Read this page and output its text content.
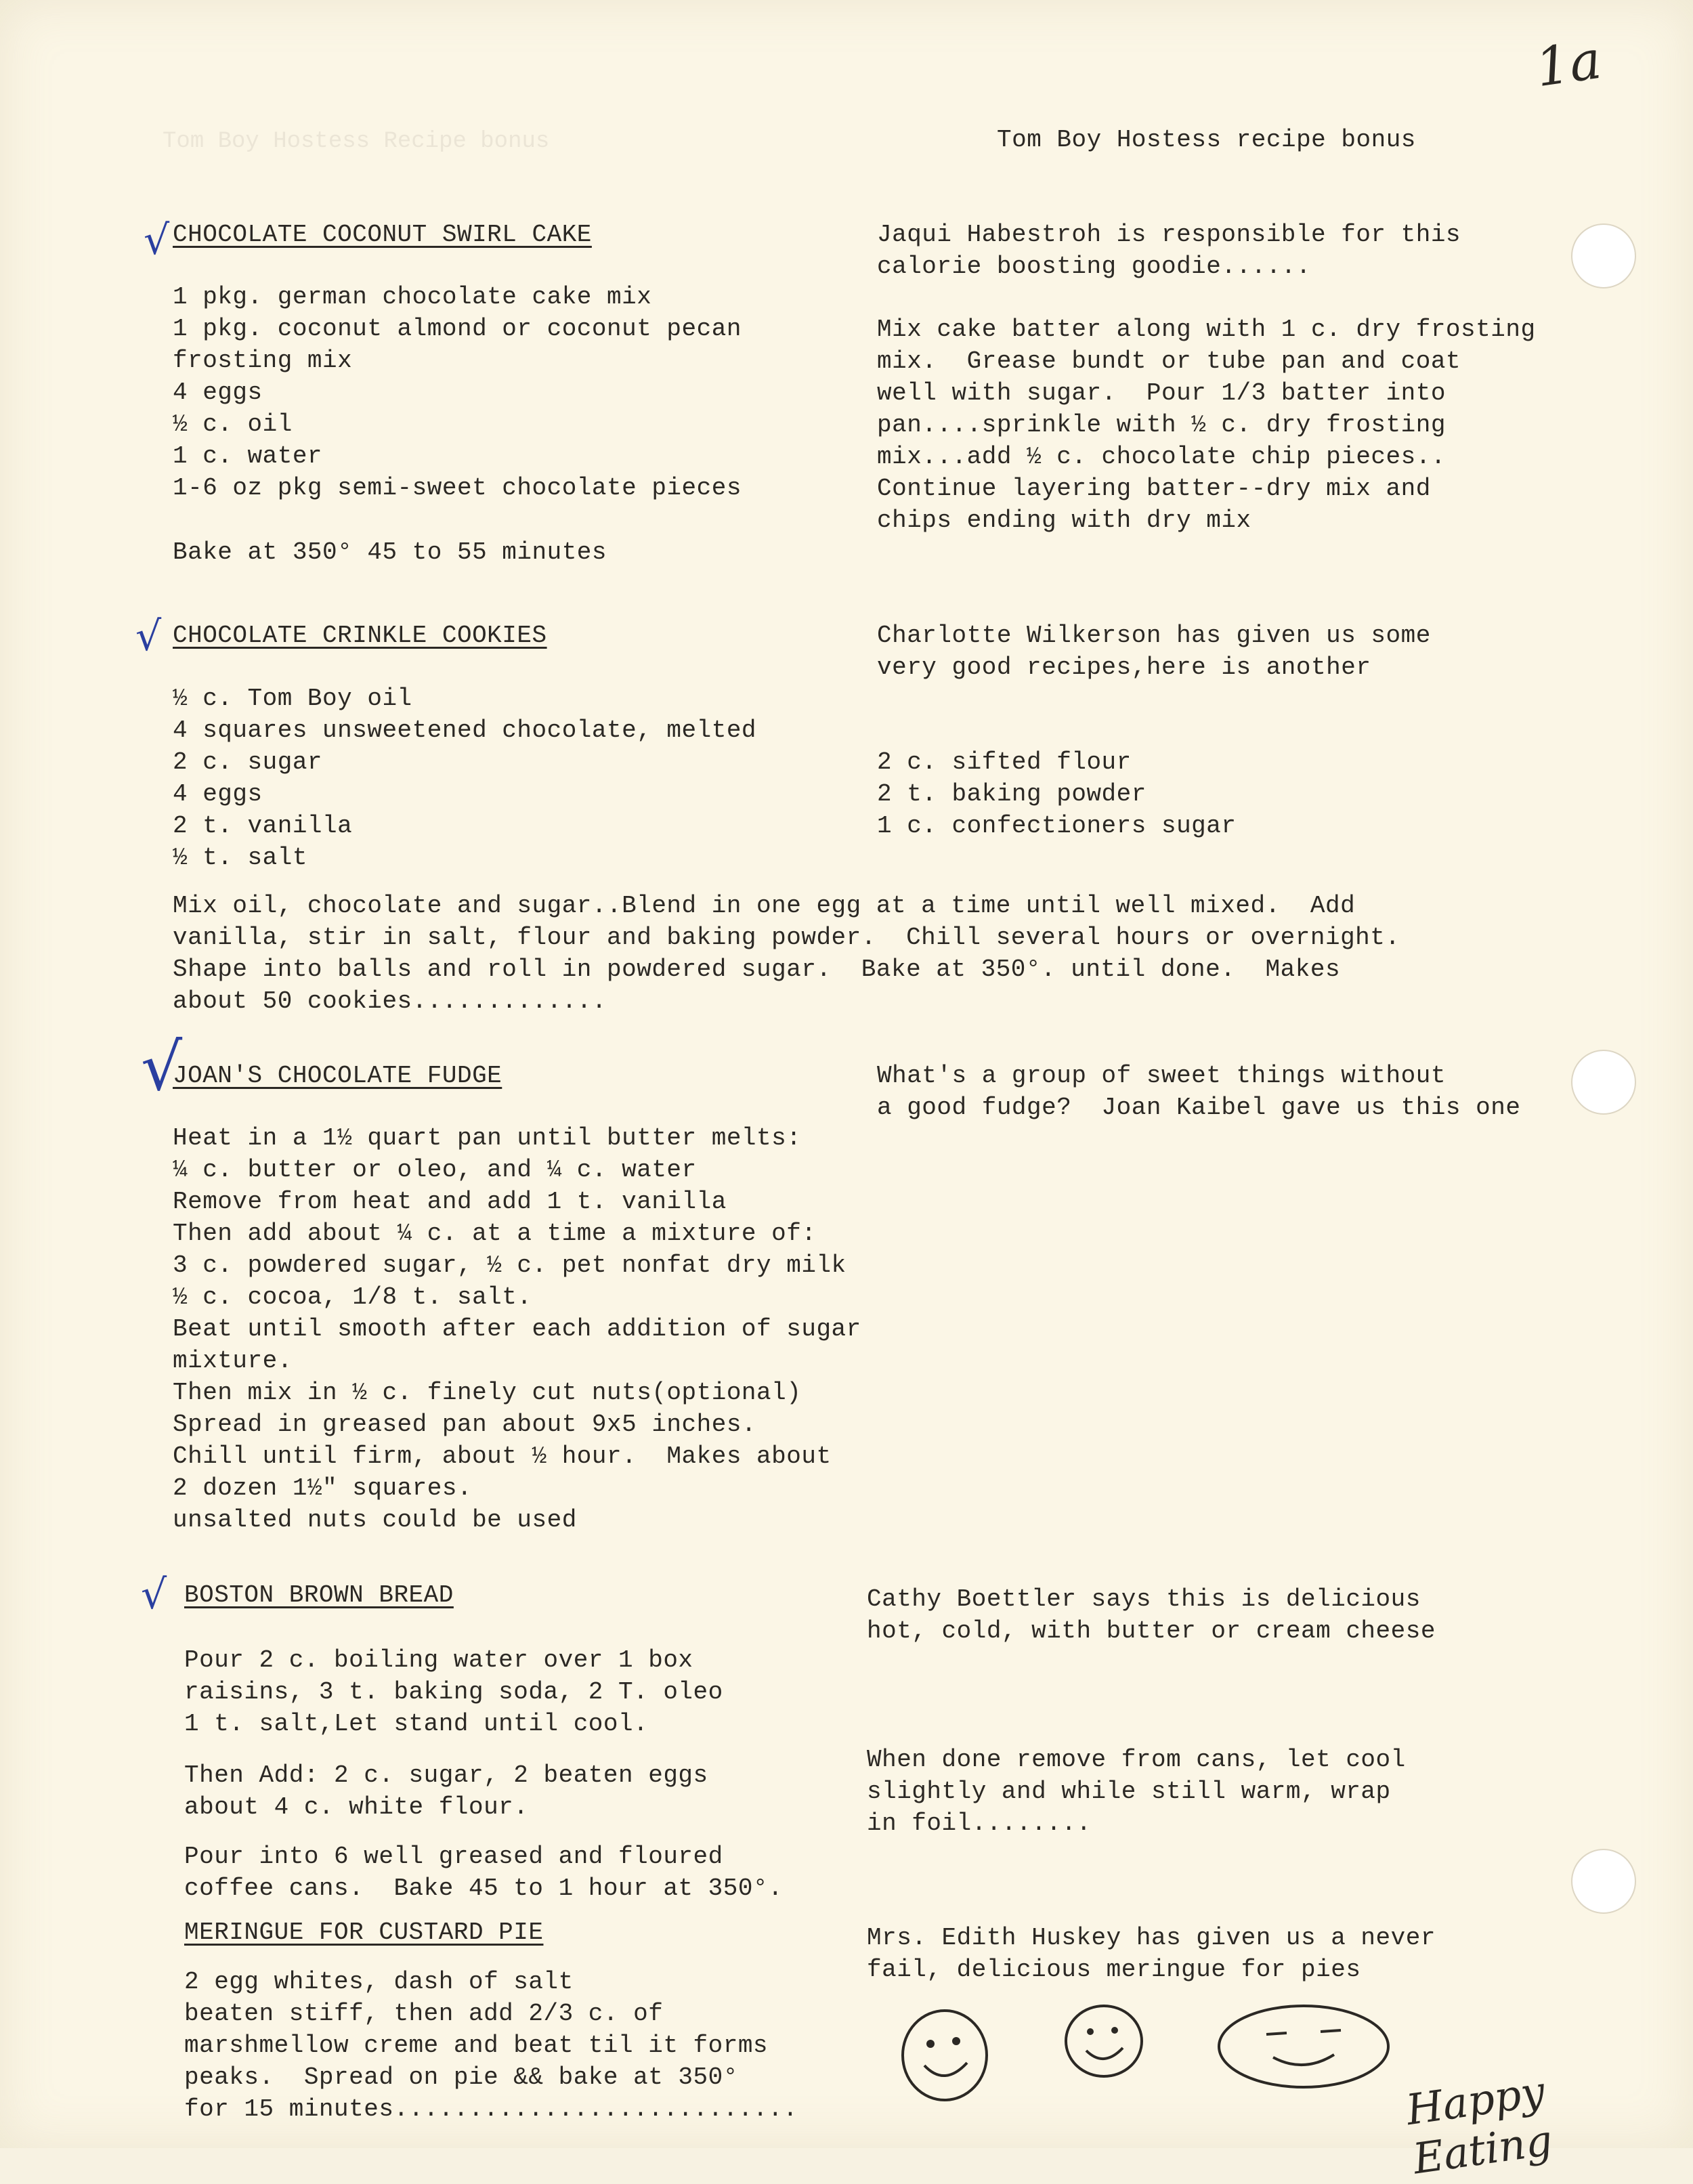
Tom Boy Hostess Recipe bonus	Tom Boy Hostess recipe bonus
1a
√
√
√
√
CHOCOLATE COCONUT SWIRL CAKE
1 pkg. german chocolate cake mix
1 pkg. coconut almond or coconut pecan
frosting mix
4 eggs
½ c. oil
1 c. water
1-6 oz pkg semi-sweet chocolate pieces
Bake at 350° 45 to 55 minutes
Jaqui Habestroh is responsible for this
calorie boosting goodie......
Mix cake batter along with 1 c. dry frosting
mix.  Grease bundt or tube pan and coat
well with sugar.  Pour 1/3 batter into
pan....sprinkle with ½ c. dry frosting
mix...add ½ c. chocolate chip pieces..
Continue layering batter--dry mix and
chips ending with dry mix
CHOCOLATE CRINKLE COOKIES
½ c. Tom Boy oil
4 squares unsweetened chocolate, melted
2 c. sugar
4 eggs
2 t. vanilla
½ t. salt
Charlotte Wilkerson has given us some
very good recipes,here is another
2 c. sifted flour
2 t. baking powder
1 c. confectioners sugar
Mix oil, chocolate and sugar..Blend in one egg at a time until well mixed.  Add
vanilla, stir in salt, flour and baking powder.  Chill several hours or overnight.
Shape into balls and roll in powdered sugar.  Bake at 350°. until done.  Makes
about 50 cookies.............
JOAN'S CHOCOLATE FUDGE	What's a group of sweet things without
a good fudge?  Joan Kaibel gave us this one
Heat in a 1½ quart pan until butter melts:
¼ c. butter or oleo, and ¼ c. water
Remove from heat and add 1 t. vanilla
Then add about ¼ c. at a time a mixture of:
3 c. powdered sugar, ½ c. pet nonfat dry milk
½ c. cocoa, 1/8 t. salt.
Beat until smooth after each addition of sugar
mixture.
Then mix in ½ c. finely cut nuts(optional)
Spread in greased pan about 9x5 inches.
Chill until firm, about ½ hour.  Makes about
2 dozen 1½" squares.
unsalted nuts could be used
BOSTON BROWN BREAD	Cathy Boettler says this is delicious
hot, cold, with butter or cream cheese
Pour 2 c. boiling water over 1 box
raisins, 3 t. baking soda, 2 T. oleo
1 t. salt,Let stand until cool.
Then Add: 2 c. sugar, 2 beaten eggs
about 4 c. white flour.
Pour into 6 well greased and floured
coffee cans.  Bake 45 to 1 hour at 350°.
When done remove from cans, let cool
slightly and while still warm, wrap
in foil........
MERINGUE FOR CUSTARD PIE	Mrs. Edith Huskey has given us a never
fail, delicious meringue for pies
2 egg whites, dash of salt
beaten stiff, then add 2/3 c. of
marshmellow creme and beat til it forms
peaks.  Spread on pie && bake at 350°
for 15 minutes...........................	Happy Eating
